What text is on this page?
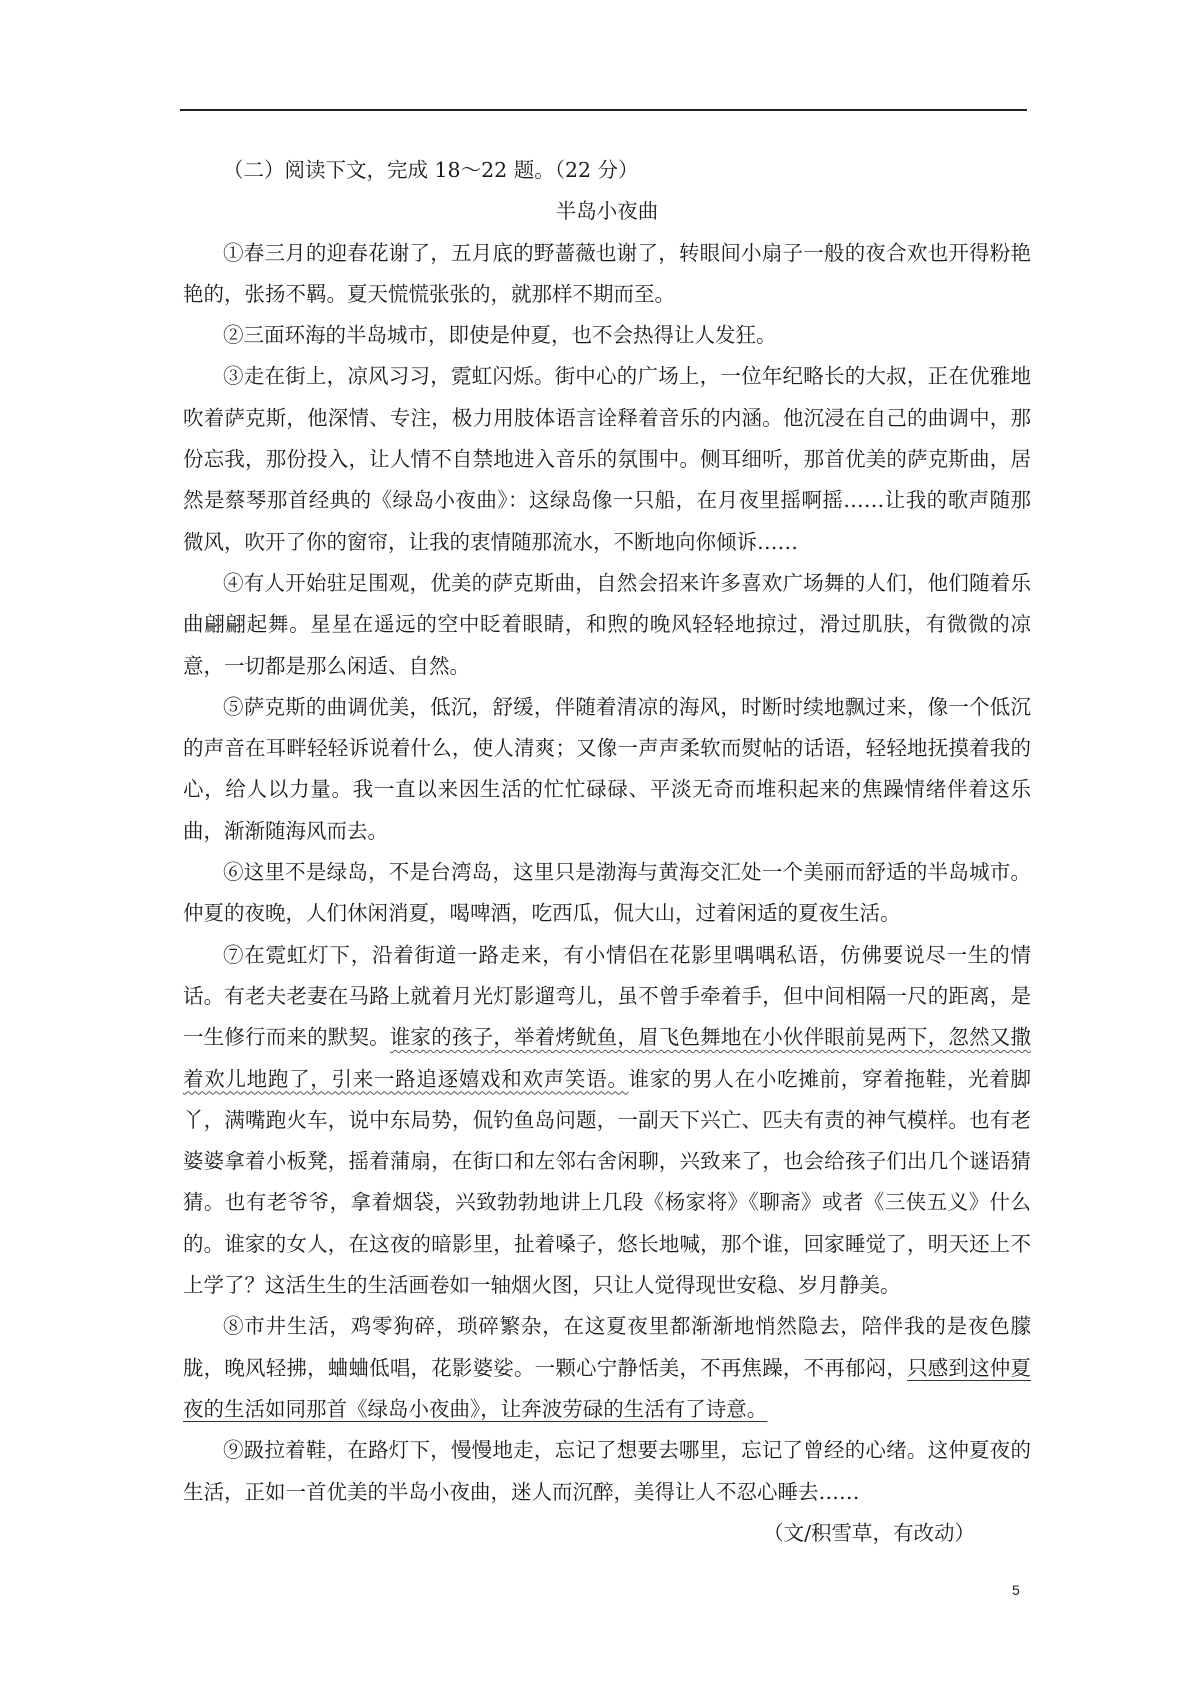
（二）阅读下文，完成 18～22 题。（22 分）

半岛小夜曲

①春三月的迎春花谢了，五月底的野蔷薇也谢了，转眼间小扇子一般的夜合欢也开得粉艳艳的，张扬不羁。夏天慌慌张张的，就那样不期而至。

②三面环海的半岛城市，即使是仲夏，也不会热得让人发狂。

③走在街上，凉风习习，霓虹闪烁。街中心的广场上，一位年纪略长的大叔，正在优雅地吹着萨克斯，他深情、专注，极力用肢体语言诠释着音乐的内涵。他沉浸在自己的曲调中，那份忘我，那份投入，让人情不自禁地进入音乐的氛围中。侧耳细听，那首优美的萨克斯曲，居然是蔡琴那首经典的《绿岛小夜曲》：这绿岛像一只船，在月夜里摇啊摇……让我的歌声随那微风，吹开了你的窗帘，让我的衷情随那流水，不断地向你倾诉……

④有人开始驻足围观，优美的萨克斯曲，自然会招来许多喜欢广场舞的人们，他们随着乐曲翩翩起舞。星星在遥远的空中眨着眼睛，和煦的晚风轻轻地掠过，滑过肌肤，有微微的凉意，一切都是那么闲适、自然。

⑤萨克斯的曲调优美，低沉，舒缓，伴随着清凉的海风，时断时续地飘过来，像一个低沉的声音在耳畔轻轻诉说着什么，使人清爽；又像一声声柔软而熨帖的话语，轻轻地抚摸着我的心，给人以力量。我一直以来因生活的忙忙碌碌、平淡无奇而堆积起来的焦躁情绪伴着这乐曲，渐渐随海风而去。

⑥这里不是绿岛，不是台湾岛，这里只是渤海与黄海交汇处一个美丽而舒适的半岛城市。仲夏的夜晚，人们休闲消夏，喝啤酒，吃西瓜，侃大山，过着闲适的夏夜生活。

⑦在霓虹灯下，沿着街道一路走来，有小情侣在花影里喁喁私语，仿佛要说尽一生的情话。有老夫老妻在马路上就着月光灯影遛弯儿，虽不曾手牵着手，但中间相隔一尺的距离，是一生修行而来的默契。谁家的孩子，举着烤鱿鱼，眉飞色舞地在小伙伴眼前晃两下，忽然又撒着欢儿地跑了，引来一路追逐嬉戏和欢声笑语。谁家的男人在小吃摊前，穿着拖鞋，光着脚丫，满嘴跑火车，说中东局势，侃钓鱼岛问题，一副天下兴亡、匹夫有责的神气模样。也有老婆婆拿着小板凳，摇着蒲扇，在街口和左邻右舍闲聊，兴致来了，也会给孩子们出几个谜语猜猜。也有老爷爷，拿着烟袋，兴致勃勃地讲上几段《杨家将》《聊斋》或者《三侠五义》什么的。谁家的女人，在这夜的暗影里，扯着嗓子，悠长地喊，那个谁，回家睡觉了，明天还上不上学了？这活生生的生活画卷如一轴烟火图，只让人觉得现世安稳、岁月静美。

⑧市井生活，鸡零狗碎，琐碎繁杂，在这夏夜里都渐渐地悄然隐去，陪伴我的是夜色朦胧，晚风轻拂，蛐蛐低唱，花影婆娑。一颗心宁静恬美，不再焦躁，不再郁闷，只感到这仲夏夜的生活如同那首《绿岛小夜曲》，让奔波劳碌的生活有了诗意。

⑨趿拉着鞋，在路灯下，慢慢地走，忘记了想要去哪里，忘记了曾经的心绪。这仲夏夜的生活，正如一首优美的半岛小夜曲，迷人而沉醉，美得让人不忍心睡去……

（文/积雪草，有改动）

5
